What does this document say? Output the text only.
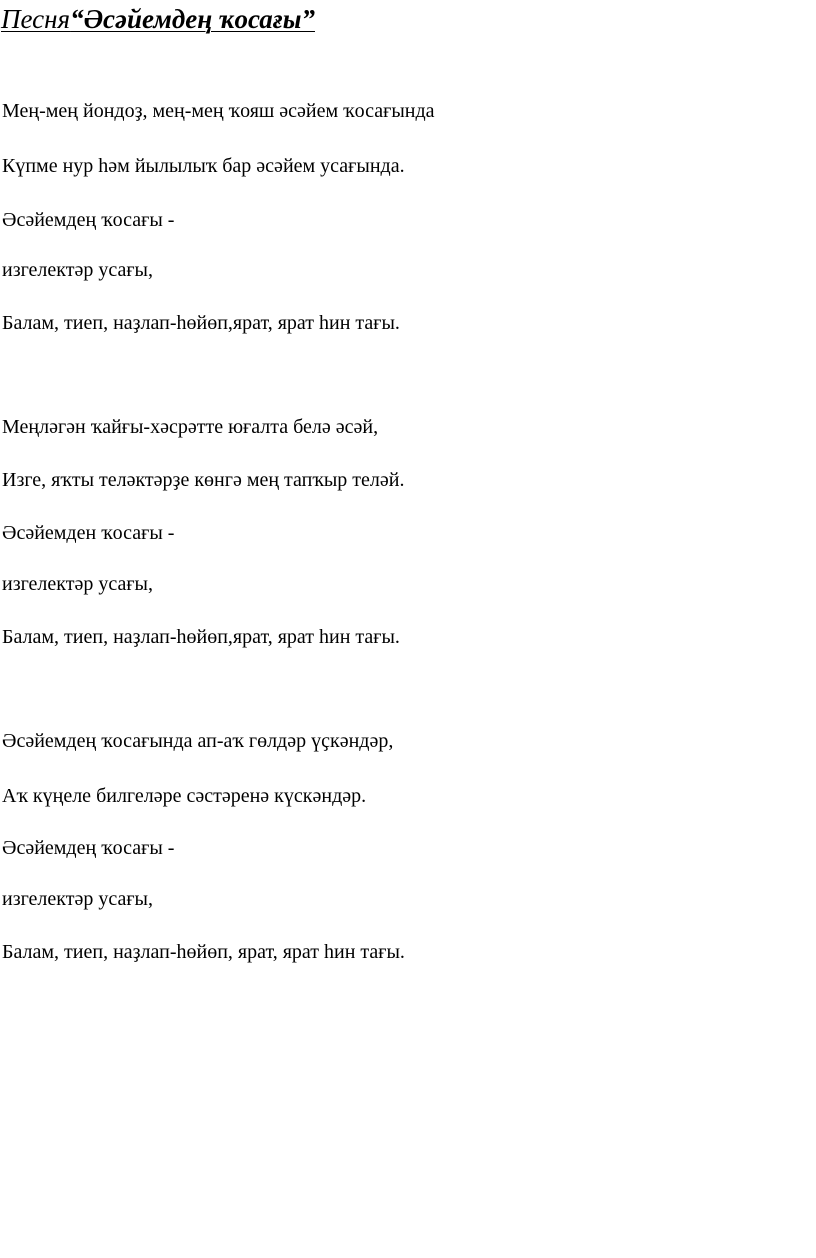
Песня“Әсәйемдең ҡосағы”
Мең-мең йондоҙ, мең-мең ҡояш әсәйем ҡосағында
Күпме нур һәм йылылыҡ бар әсәйем усағында.
Әсәйемдең ҡосағы -
изгелектәр усағы,
Балам, тиеп, наҙлап-һөйөп,ярат, ярат һин тағы.
Меңләгән ҡайғы-хәсрәтте юғалта белә әсәй,
Изге, яҡты теләктәрҙе көнгә мең тапҡыр теләй.
Әсәйемден ҡосағы -
изгелектәр усағы,
Балам, тиеп, наҙлап-һөйөп,ярат, ярат һин тағы.
Әсәйемдең ҡосағында ап-аҡ гөлдәр үҫкәндәр,
Аҡ күңеле билгеләре сәстәренә күскәндәр.
Әсәйемдең ҡосағы -
изгелектәр усағы,
Балам, тиеп, наҙлап-һөйөп, ярат, ярат һин тағы.
